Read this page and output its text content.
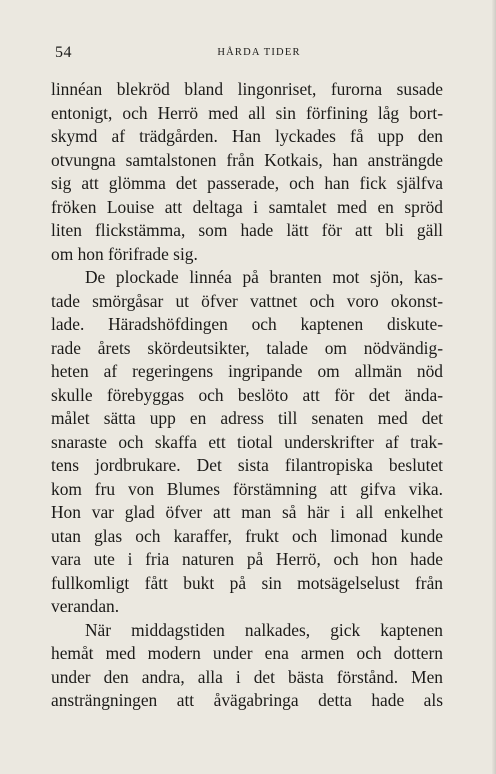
54	HÅRDA TIDER
linnéan blekröd bland lingonriset, furorna susade
entonigt, och Herrö med all sin förfining låg bort-
skymd af trädgården. Han lyckades få upp den
otvungna samtalstonen från Kotkais, han ansträngde
sig att glömma det passerade, och han fick själfva
fröken Louise att deltaga i samtalet med en spröd
liten flickstämma, som hade lätt för att bli gäll
om hon förifrade sig.
De plockade linnéa på branten mot sjön, kas-
tade smörgåsar ut öfver vattnet och voro okonst-
lade. Häradshöfdingen och kaptenen diskute-
rade årets skördeutsikter, talade om nödvändig-
heten af regeringens ingripande om allmän nöd
skulle förebyggas och beslöto att för det ända-
målet sätta upp en adress till senaten med det
snaraste och skaffa ett tiotal underskrifter af trak-
tens jordbrukare. Det sista filantropiska beslutet
kom fru von Blumes förstämning att gifva vika.
Hon var glad öfver att man så här i all enkelhet
utan glas och karaffer, frukt och limonad kunde
vara ute i fria naturen på Herrö, och hon hade
fullkomligt fått bukt på sin motsägelselust från
verandan.
När middagstiden nalkades, gick kaptenen
hemåt med modern under ena armen och dottern
under den andra, alla i det bästa förstånd. Men
ansträngningen att åvägabringa detta hade als
